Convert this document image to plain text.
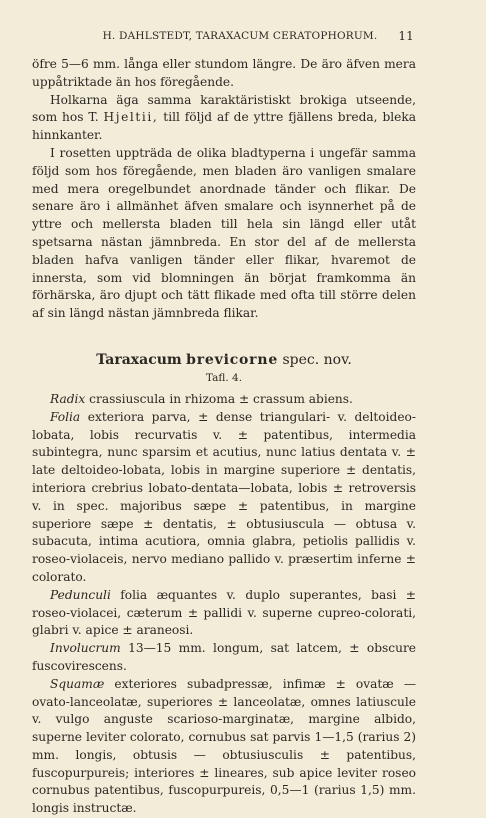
H. DAHLSTEDT, TARAXACUM CERATOPHORUM.	11

öfre 5—6 mm. långa eller stundom längre. De äro äfven mera uppåtriktade än hos föregående.

Holkarna äga samma karaktäristiskt brokiga utseende, som hos T. Hjeltii, till följd af de yttre fjällens breda, bleka hinnkanter.

I rosetten uppträda de olika bladtyperna i ungefär samma följd som hos föregående, men bladen äro vanligen smalare med mera oregelbundet anordnade tänder och flikar. De senare äro i allmänhet äfven smalare och isynnerhet på de yttre och mellersta bladen till hela sin längd eller utåt spetsarna nästan jämnbreda. En stor del af de mellersta bladen hafva vanligen tänder eller flikar, hvaremot de innersta, som vid blomningen än börjat framkomma än förhärska, äro djupt och tätt flikade med ofta till större delen af sin längd nästan jämnbreda flikar.

Taraxacum brevicorne spec. nov.
Tafl. 4.

Radix crassiuscula in rhizoma ± crassum abiens.

Folia exteriora parva, ± dense triangulari- v. deltoideo-lobata, lobis recurvatis v. ± patentibus, intermedia subintegra, nunc sparsim et acutius, nunc latius dentata v. ± late deltoideo-lobata, lobis in margine superiore ± dentatis, interiora crebrius lobato-dentata—lobata, lobis ± retroversis v. in spec. majoribus sæpe ± patentibus, in margine superiore sæpe ± dentatis, ± obtusiuscula — obtusa v. subacuta, intima acutiora, omnia glabra, petiolis pallidis v. roseo-violaceis, nervo mediano pallido v. præsertim inferne ± colorato.

Pedunculi folia æquantes v. duplo superantes, basi ± roseo-violacei, cæterum ± pallidi v. superne cupreo-colorati, glabri v. apice ± araneosi.

Involucrum 13—15 mm. longum, sat latcem, ± obscure fuscovirescens.

Squamæ exteriores subadpressæ, infimæ ± ovatæ — ovato-lanceolatæ, superiores ± lanceolatæ, omnes latiuscule v. vulgo anguste scarioso-marginatæ, margine albido, superne leviter colorato, cornubus sat parvis 1—1,5 (rarius 2) mm. longis, obtusis — obtusiusculis ± patentibus, fuscopurpureis; interiores ± lineares, sub apice leviter roseo cornubus patentibus, fuscopurpureis, 0,5—1 (rarius 1,5) mm. longis instructæ.
